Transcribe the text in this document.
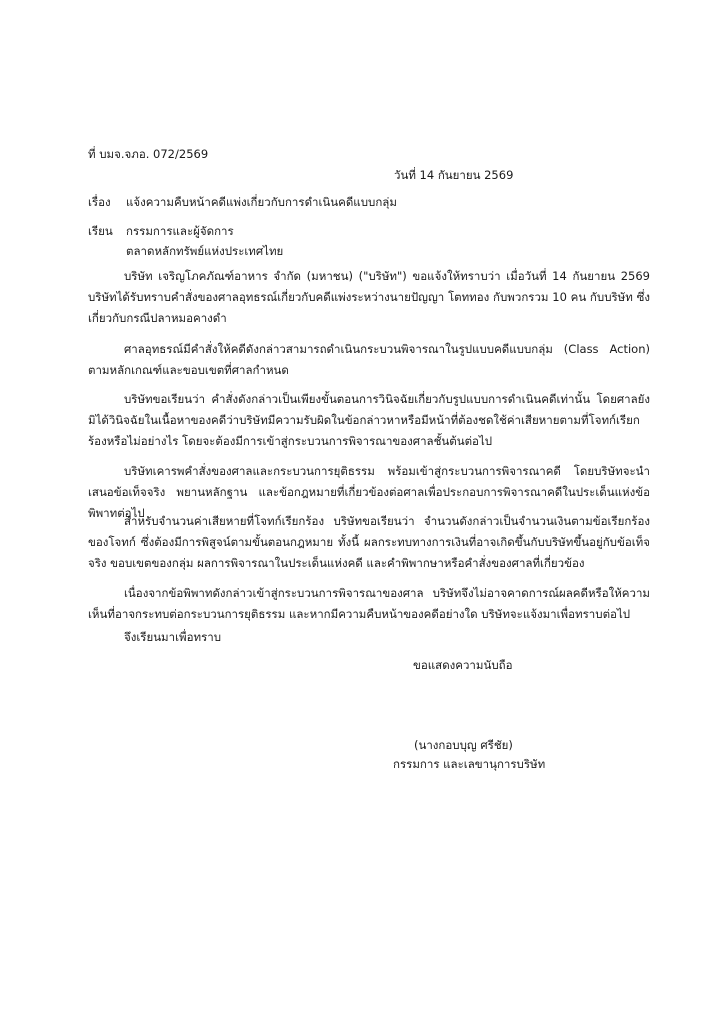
ที่ บมจ.จภอ. 072/2569
วันที่ 14 กันยายน 2569
เรื่อง	แจ้งความคืบหน้าคดีแพ่งเกี่ยวกับการดำเนินคดีแบบกลุ่ม
เรียน	กรรมการและผู้จัดการ
ตลาดหลักทรัพย์แห่งประเทศไทย

บริษัท เจริญโภคภัณฑ์อาหาร จำกัด (มหาชน) ("บริษัท") ขอแจ้งให้ทราบว่า เมื่อวันที่ 14 กันยายน 2569 บริษัทได้รับทราบคำสั่งของศาลอุทธรณ์เกี่ยวกับคดีแพ่งระหว่างนายปัญญา โตททอง กับพวกรวม 10 คน กับบริษัท ซึ่งเกี่ยวกับกรณีปลาหมอคางดำ

ศาลอุทธรณ์มีคำสั่งให้คดีดังกล่าวสามารถดำเนินกระบวนพิจารณาในรูปแบบคดีแบบกลุ่ม (Class Action) ตามหลักเกณฑ์และขอบเขตที่ศาลกำหนด

บริษัทขอเรียนว่า คำสั่งดังกล่าวเป็นเพียงขั้นตอนการวินิจฉัยเกี่ยวกับรูปแบบการดำเนินคดีเท่านั้น โดยศาลยังมิได้วินิจฉัยในเนื้อหาของคดีว่าบริษัทมีความรับผิดในข้อกล่าวหาหรือมีหน้าที่ต้องชดใช้ค่าเสียหายตามที่โจทก์เรียกร้องหรือไม่อย่างไร โดยจะต้องมีการเข้าสู่กระบวนการพิจารณาของศาลชั้นต้นต่อไป

บริษัทเคารพคำสั่งของศาลและกระบวนการยุติธรรม พร้อมเข้าสู่กระบวนการพิจารณาคดี โดยบริษัทจะนำเสนอข้อเท็จจริง พยานหลักฐาน และข้อกฎหมายที่เกี่ยวข้องต่อศาลเพื่อประกอบการพิจารณาคดีในประเด็นแห่งข้อพิพาทต่อไป

สำหรับจำนวนค่าเสียหายที่โจทก์เรียกร้อง บริษัทขอเรียนว่า จำนวนดังกล่าวเป็นจำนวนเงินตามข้อเรียกร้องของโจทก์ ซึ่งต้องมีการพิสูจน์ตามขั้นตอนกฎหมาย ทั้งนี้ ผลกระทบทางการเงินที่อาจเกิดขึ้นกับบริษัทขึ้นอยู่กับข้อเท็จจริง ขอบเขตของกลุ่ม ผลการพิจารณาในประเด็นแห่งคดี และคำพิพากษาหรือคำสั่งของศาลที่เกี่ยวข้อง

เนื่องจากข้อพิพาทดังกล่าวเข้าสู่กระบวนการพิจารณาของศาล บริษัทจึงไม่อาจคาดการณ์ผลคดีหรือให้ความเห็นที่อาจกระทบต่อกระบวนการยุติธรรม และหากมีความคืบหน้าของคดีอย่างใด บริษัทจะแจ้งมาเพื่อทราบต่อไป

จึงเรียนมาเพื่อทราบ

ขอแสดงความนับถือ
(นางกอบบุญ ศรีชัย)
กรรมการ และเลขานุการบริษัท
